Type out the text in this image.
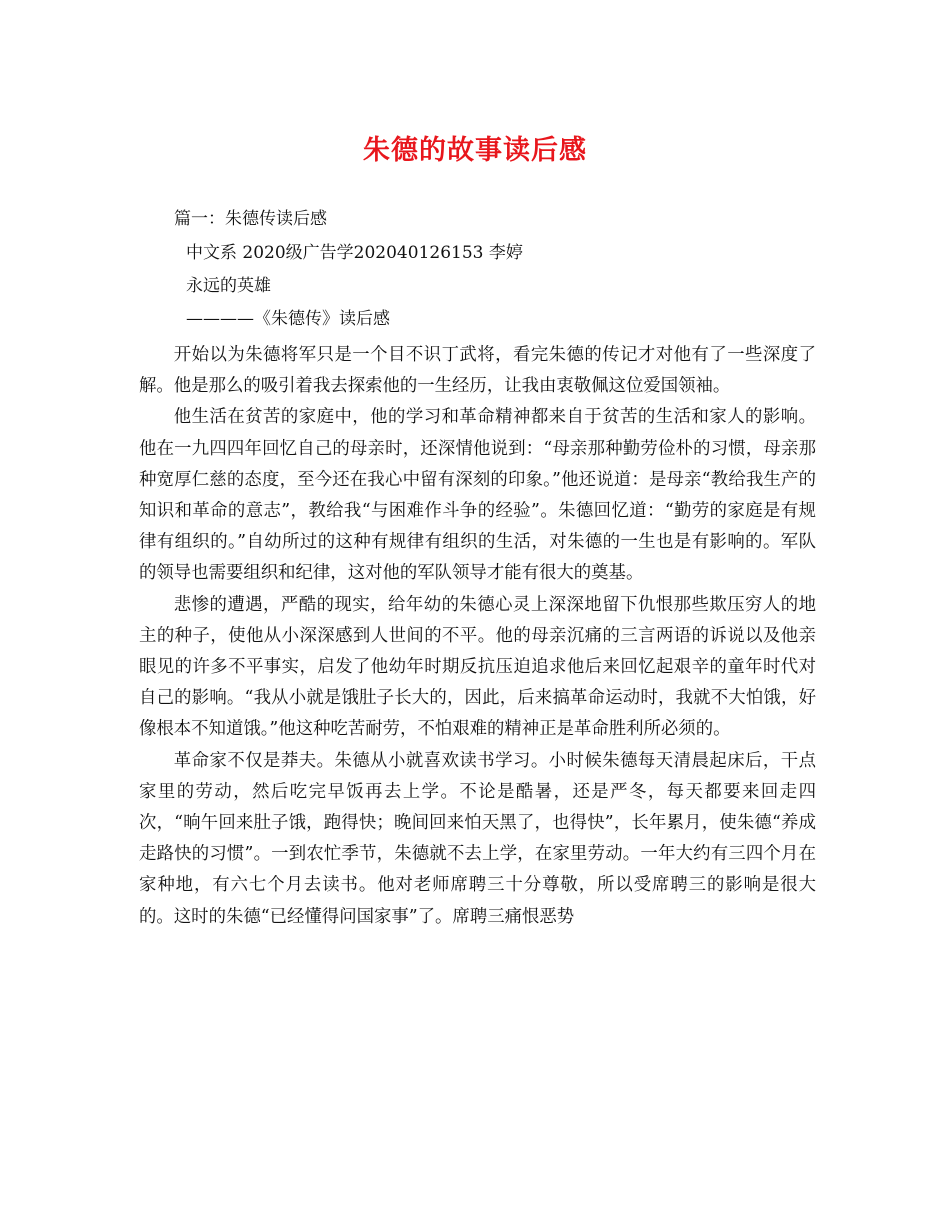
朱德的故事读后感
篇一：朱德传读后感
中文系 2020级广告学202040126153 李婷
永远的英雄
————《朱德传》读后感

开始以为朱德将军只是一个目不识丁武将，看完朱德的传记才对他有了一些深度了解。他是那么的吸引着我去探索他的一生经历，让我由衷敬佩这位爱国领袖。

他生活在贫苦的家庭中，他的学习和革命精神都来自于贫苦的生活和家人的影响。他在一九四四年回忆自己的母亲时，还深情他说到：“母亲那种勤劳俭朴的习惯，母亲那种宽厚仁慈的态度，至今还在我心中留有深刻的印象。”他还说道：是母亲“教给我生产的知识和革命的意志”，教给我“与困难作斗争的经验”。朱德回忆道：“勤劳的家庭是有规律有组织的。”自幼所过的这种有规律有组织的生活，对朱德的一生也是有影响的。军队的领导也需要组织和纪律，这对他的军队领导才能有很大的奠基。

悲惨的遭遇，严酷的现实，给年幼的朱德心灵上深深地留下仇恨那些欺压穷人的地主的种子，使他从小深深感到人世间的不平。他的母亲沉痛的三言两语的诉说以及他亲眼见的许多不平事实，启发了他幼年时期反抗压迫追求他后来回忆起艰辛的童年时代对自己的影响。“我从小就是饿肚子长大的，因此，后来搞革命运动时，我就不大怕饿，好像根本不知道饿。”他这种吃苦耐劳，不怕艰难的精神正是革命胜利所必须的。

革命家不仅是莽夫。朱德从小就喜欢读书学习。小时候朱德每天清晨起床后，干点家里的劳动，然后吃完早饭再去上学。不论是酷暑，还是严冬，每天都要来回走四次，“晌午回来肚子饿，跑得快；晚间回来怕天黑了，也得快”，长年累月，使朱德“养成走路快的习惯”。一到农忙季节，朱德就不去上学，在家里劳动。一年大约有三四个月在家种地，有六七个月去读书。他对老师席聘三十分尊敬，所以受席聘三的影响是很大的。这时的朱德“已经懂得问国家事”了。席聘三痛恨恶势
